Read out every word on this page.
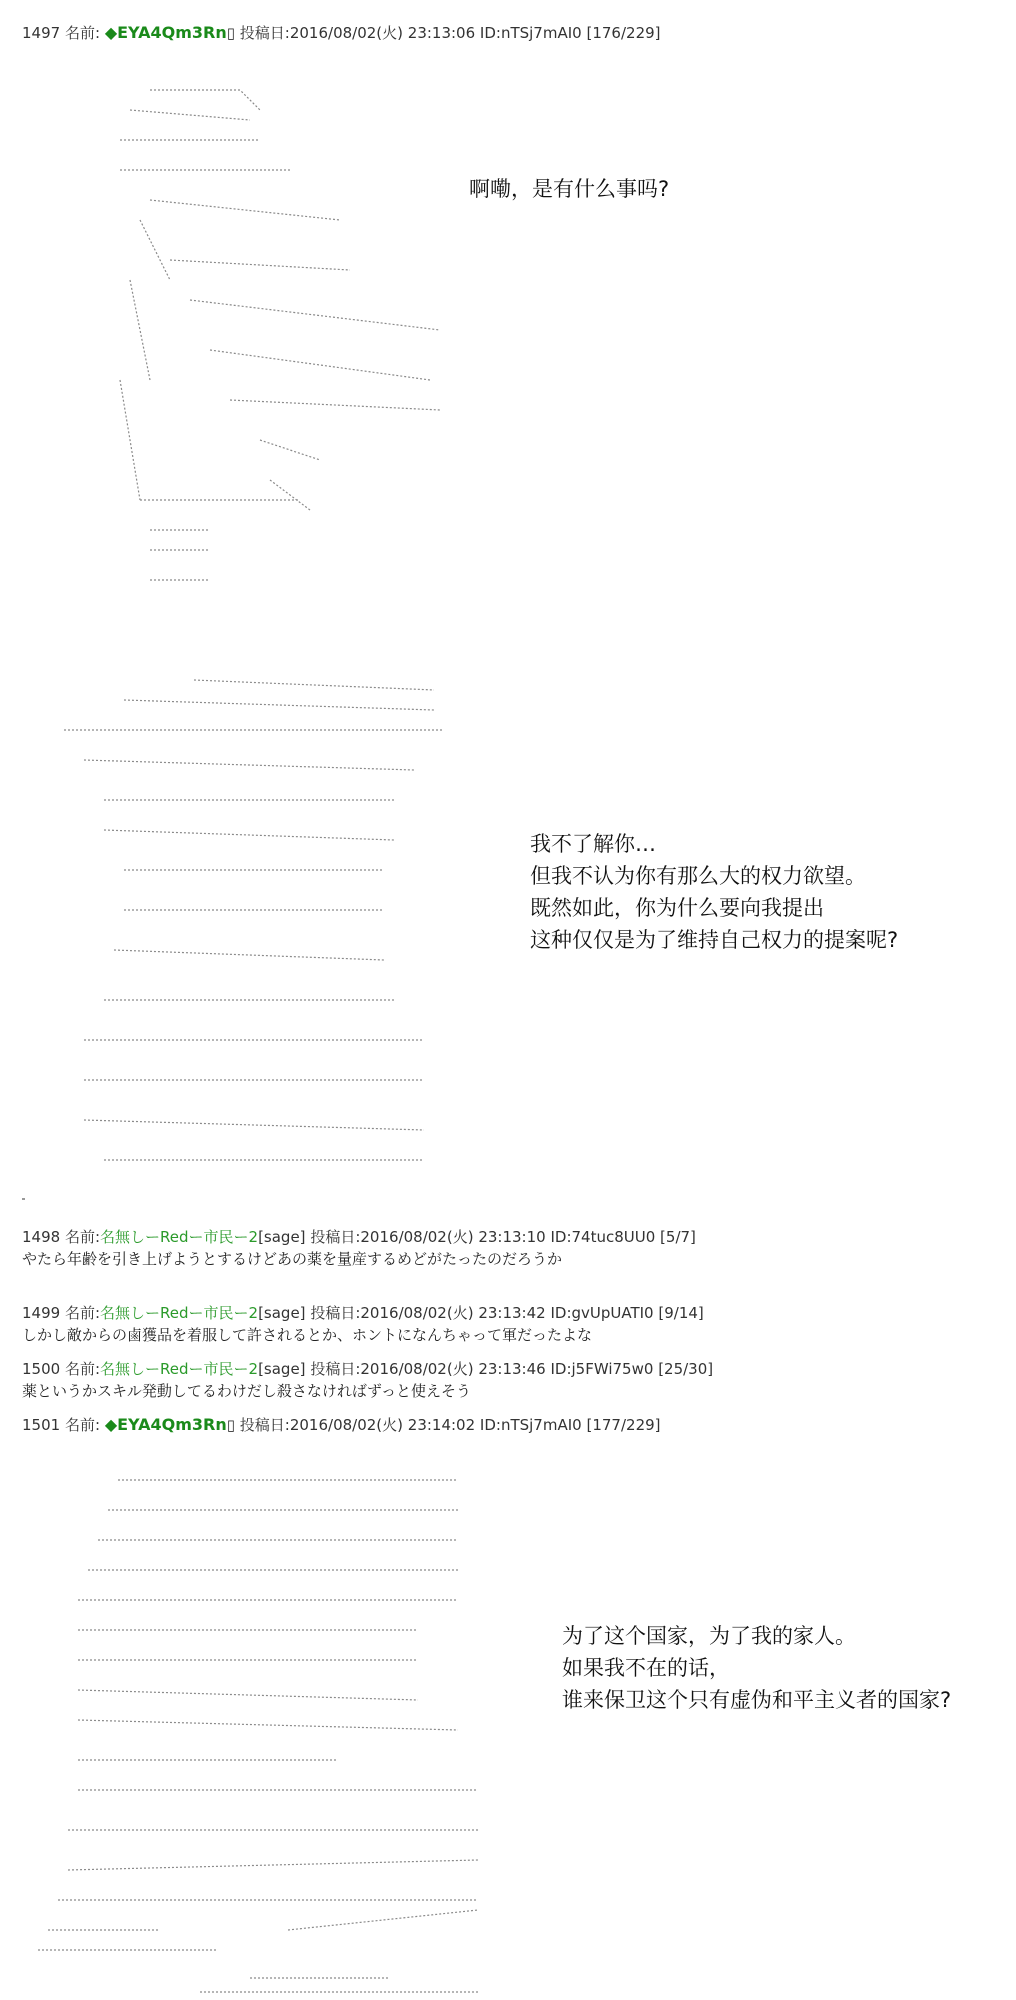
1497 名前: ◆EYA4Qm3Rn▯ 投稿日:2016/08/02(火) 23:13:06 ID:nTSj7mAI0 [176/229]
啊嘞，是有什么事吗?
我不了解你…
但我不认为你有那么大的权力欲望。
既然如此，你为什么要向我提出
这种仅仅是为了维持自己权力的提案呢?
1498 名前:名無しーRedー市民ー2[sage] 投稿日:2016/08/02(火) 23:13:10 ID:74tuc8UU0 [5/7]
やたら年齢を引き上げようとするけどあの薬を量産するめどがたったのだろうか
1499 名前:名無しーRedー市民ー2[sage] 投稿日:2016/08/02(火) 23:13:42 ID:gvUpUATI0 [9/14]
しかし敵からの鹵獲品を着服して許されるとか、ホントになんちゃって軍だったよな
1500 名前:名無しーRedー市民ー2[sage] 投稿日:2016/08/02(火) 23:13:46 ID:j5FWi75w0 [25/30]
薬というかスキル発動してるわけだし殺さなければずっと使えそう
1501 名前: ◆EYA4Qm3Rn▯ 投稿日:2016/08/02(火) 23:14:02 ID:nTSj7mAI0 [177/229]
为了这个国家，为了我的家人。
如果我不在的话，
谁来保卫这个只有虚伪和平主义者的国家?
